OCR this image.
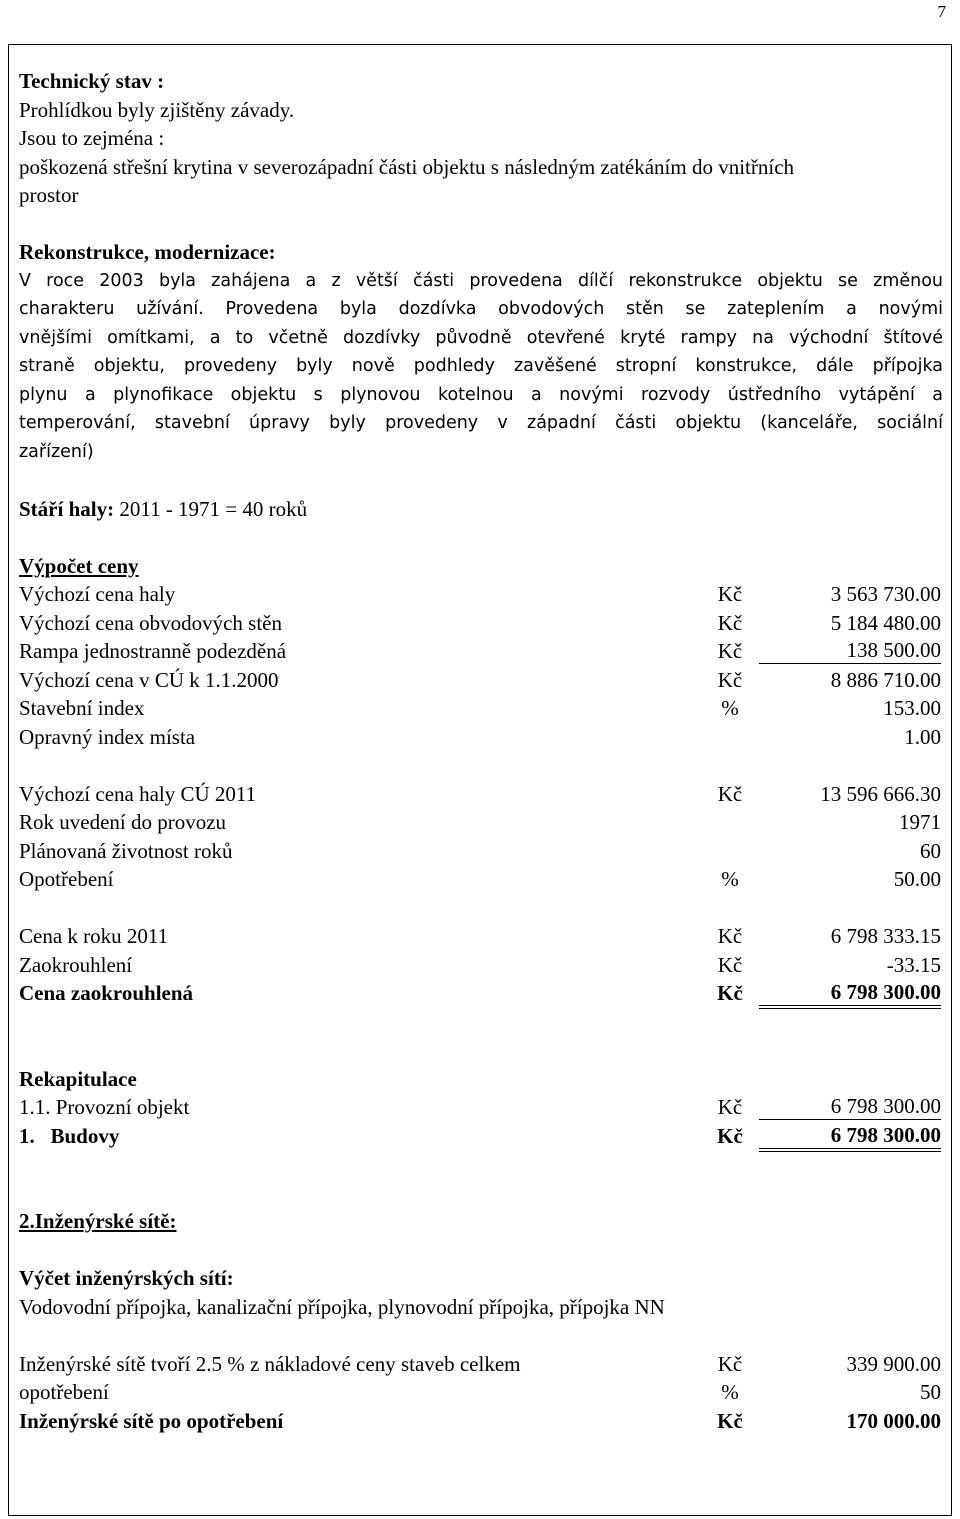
7
Technický stav :
Prohlídkou byly zjištěny závady.
Jsou to zejména :
poškozená střešní krytina v severozápadní části objektu s následným zatékáním do vnitřních
prostor
Rekonstrukce, modernizace:
V roce 2003 byla zahájena a z větší části provedena dílčí rekonstrukce objektu se změnou
charakteru užívání. Provedena byla dozdívka obvodových stěn se zateplením a novými
vnějšími omítkami, a to včetně dozdívky původně otevřené kryté rampy na východní štítové
straně objektu, provedeny byly nově podhledy zavěšené stropní konstrukce, dále přípojka
plynu a plynofikace objektu s plynovou kotelnou a novými rozvody ústředního vytápění a
temperování, stavební úpravy byly provedeny v západní části objektu (kanceláře, sociální
zařízení)
Stáří haly: 2011 - 1971 = 40 roků
Výpočet ceny
Výchozí cena haly	Kč	3 563 730.00
Výchozí cena obvodových stěn	Kč	5 184 480.00
Rampa jednostranně podezděná	Kč	138 500.00
Výchozí cena v CÚ k 1.1.2000	Kč	8 886 710.00
Stavební index	%	153.00
Opravný index místa	1.00
Výchozí cena haly CÚ 2011	Kč	13 596 666.30
Rok uvedení do provozu	1971
Plánovaná životnost roků	60
Opotřebení	%	50.00
Cena k roku 2011	Kč	6 798 333.15
Zaokrouhlení	Kč	-33.15
Cena zaokrouhlená	Kč	6 798 300.00
Rekapitulace
1.1. Provozní objekt	Kč	6 798 300.00
1.   Budovy	Kč	6 798 300.00
2.Inženýrské sítě:
Výčet inženýrských sítí:
Vodovodní přípojka, kanalizační přípojka, plynovodní přípojka, přípojka NN
Inženýrské sítě tvoří 2.5 % z nákladové ceny staveb celkem	Kč	339 900.00
opotřebení	%	50
Inženýrské sítě po opotřebení	Kč	170 000.00
